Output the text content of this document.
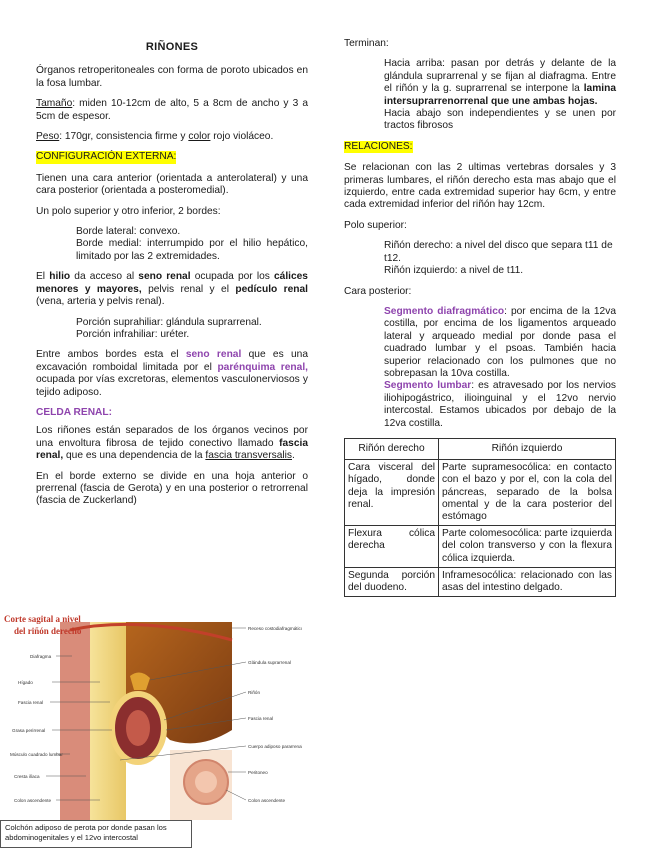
RIÑONES

Órganos retroperitoneales con forma de poroto ubicados en la fosa lumbar.

Tamaño: miden 10-12cm de alto, 5 a 8cm de ancho y 3 a 5cm de espesor.

Peso: 170gr, consistencia firme y color rojo violáceo.

CONFIGURACIÓN EXTERNA:

Tienen una cara anterior (orientada a anterolateral) y una cara posterior (orientada a posteromedial).

Un polo superior y otro inferior, 2 bordes:

Borde lateral: convexo.
Borde medial: interrumpido por el hilio hepático, limitado por las 2 extremidades.

El hilio da acceso al seno renal ocupada por los cálices menores y mayores, pelvis renal y el pedículo renal (vena, arteria y pelvis renal).

Porción suprahiliar: glándula suprarrenal.
Porción infrahiliar: uréter.

Entre ambos bordes esta el seno renal que es una excavación romboidal limitada por el parénquima renal, ocupada por vías excretoras, elementos vasculonerviosos y tejido adiposo.

CELDA RENAL:

Los riñones están separados de los órganos vecinos por una envoltura fibrosa de tejido conectivo llamado fascia renal, que es una dependencia de la fascia transversalis.

En el borde externo se divide en una hoja anterior o prerrenal (fascia de Gerota) y en una posterior o retrorrenal (fascia de Zuckerland)

Corte sagital a nivel
del riñón derecho
Diafragma
Hígado
Fascia renal
Grasa perirrenal
Músculo cuadrado lumbar
Cresta ilíaca
Colon ascendente
Receso costodiafragmático
Glándula suprarrenal
Riñón
Fascia renal
Cuerpo adiposo pararrenal
Peritoneo
Colon ascendente
Colchón adiposo de perota por donde pasan los abdominogenitales y el 12vo intercostal

Terminan:

Hacia arriba: pasan por detrás y delante de la glándula suprarrenal y se fijan al diafragma. Entre el riñón y la g. suprarrenal se interpone la lamina intersuprarrenorrenal que une ambas hojas.
Hacia abajo son independientes y se unen por tractos fibrosos
RELACIONES:

Se relacionan con las 2 ultimas vertebras dorsales y 3 primeras lumbares, el riñón derecho esta mas abajo que el izquierdo, entre cada extremidad superior hay 6cm, y entre cada extremidad inferior del riñón hay 12cm.

Polo superior:

Riñón derecho: a nivel del disco que separa t11 de t12.
Riñón izquierdo: a nivel de t11.

Cara posterior:

Segmento diafragmático: por encima de la 12va costilla, por encima de los ligamentos arqueado lateral y arqueado medial por donde pasa el cuadrado lumbar y el psoas. También hacia superior relacionado con los pulmones que no sobrepasan la 10va costilla.
Segmento lumbar: es atravesado por los nervios iliohipogástrico, ilioinguinal y el 12vo nervio intercostal. Estamos ubicados por debajo de la 12va costilla.
Riñón derecho	Riñón izquierdo
Cara visceral del hígado, donde deja la impresión renal.	Parte supramesocólica: en contacto con el bazo y por el, con la cola del páncreas, separado de la bolsa omental y de la cara posterior del estómago
Flexura cólica derecha	Parte colomesocólica: parte izquierda del colon transverso y con la flexura cólica izquierda.
Segunda porción del duodeno.	Inframesocólica: relacionado con las asas del intestino delgado.
